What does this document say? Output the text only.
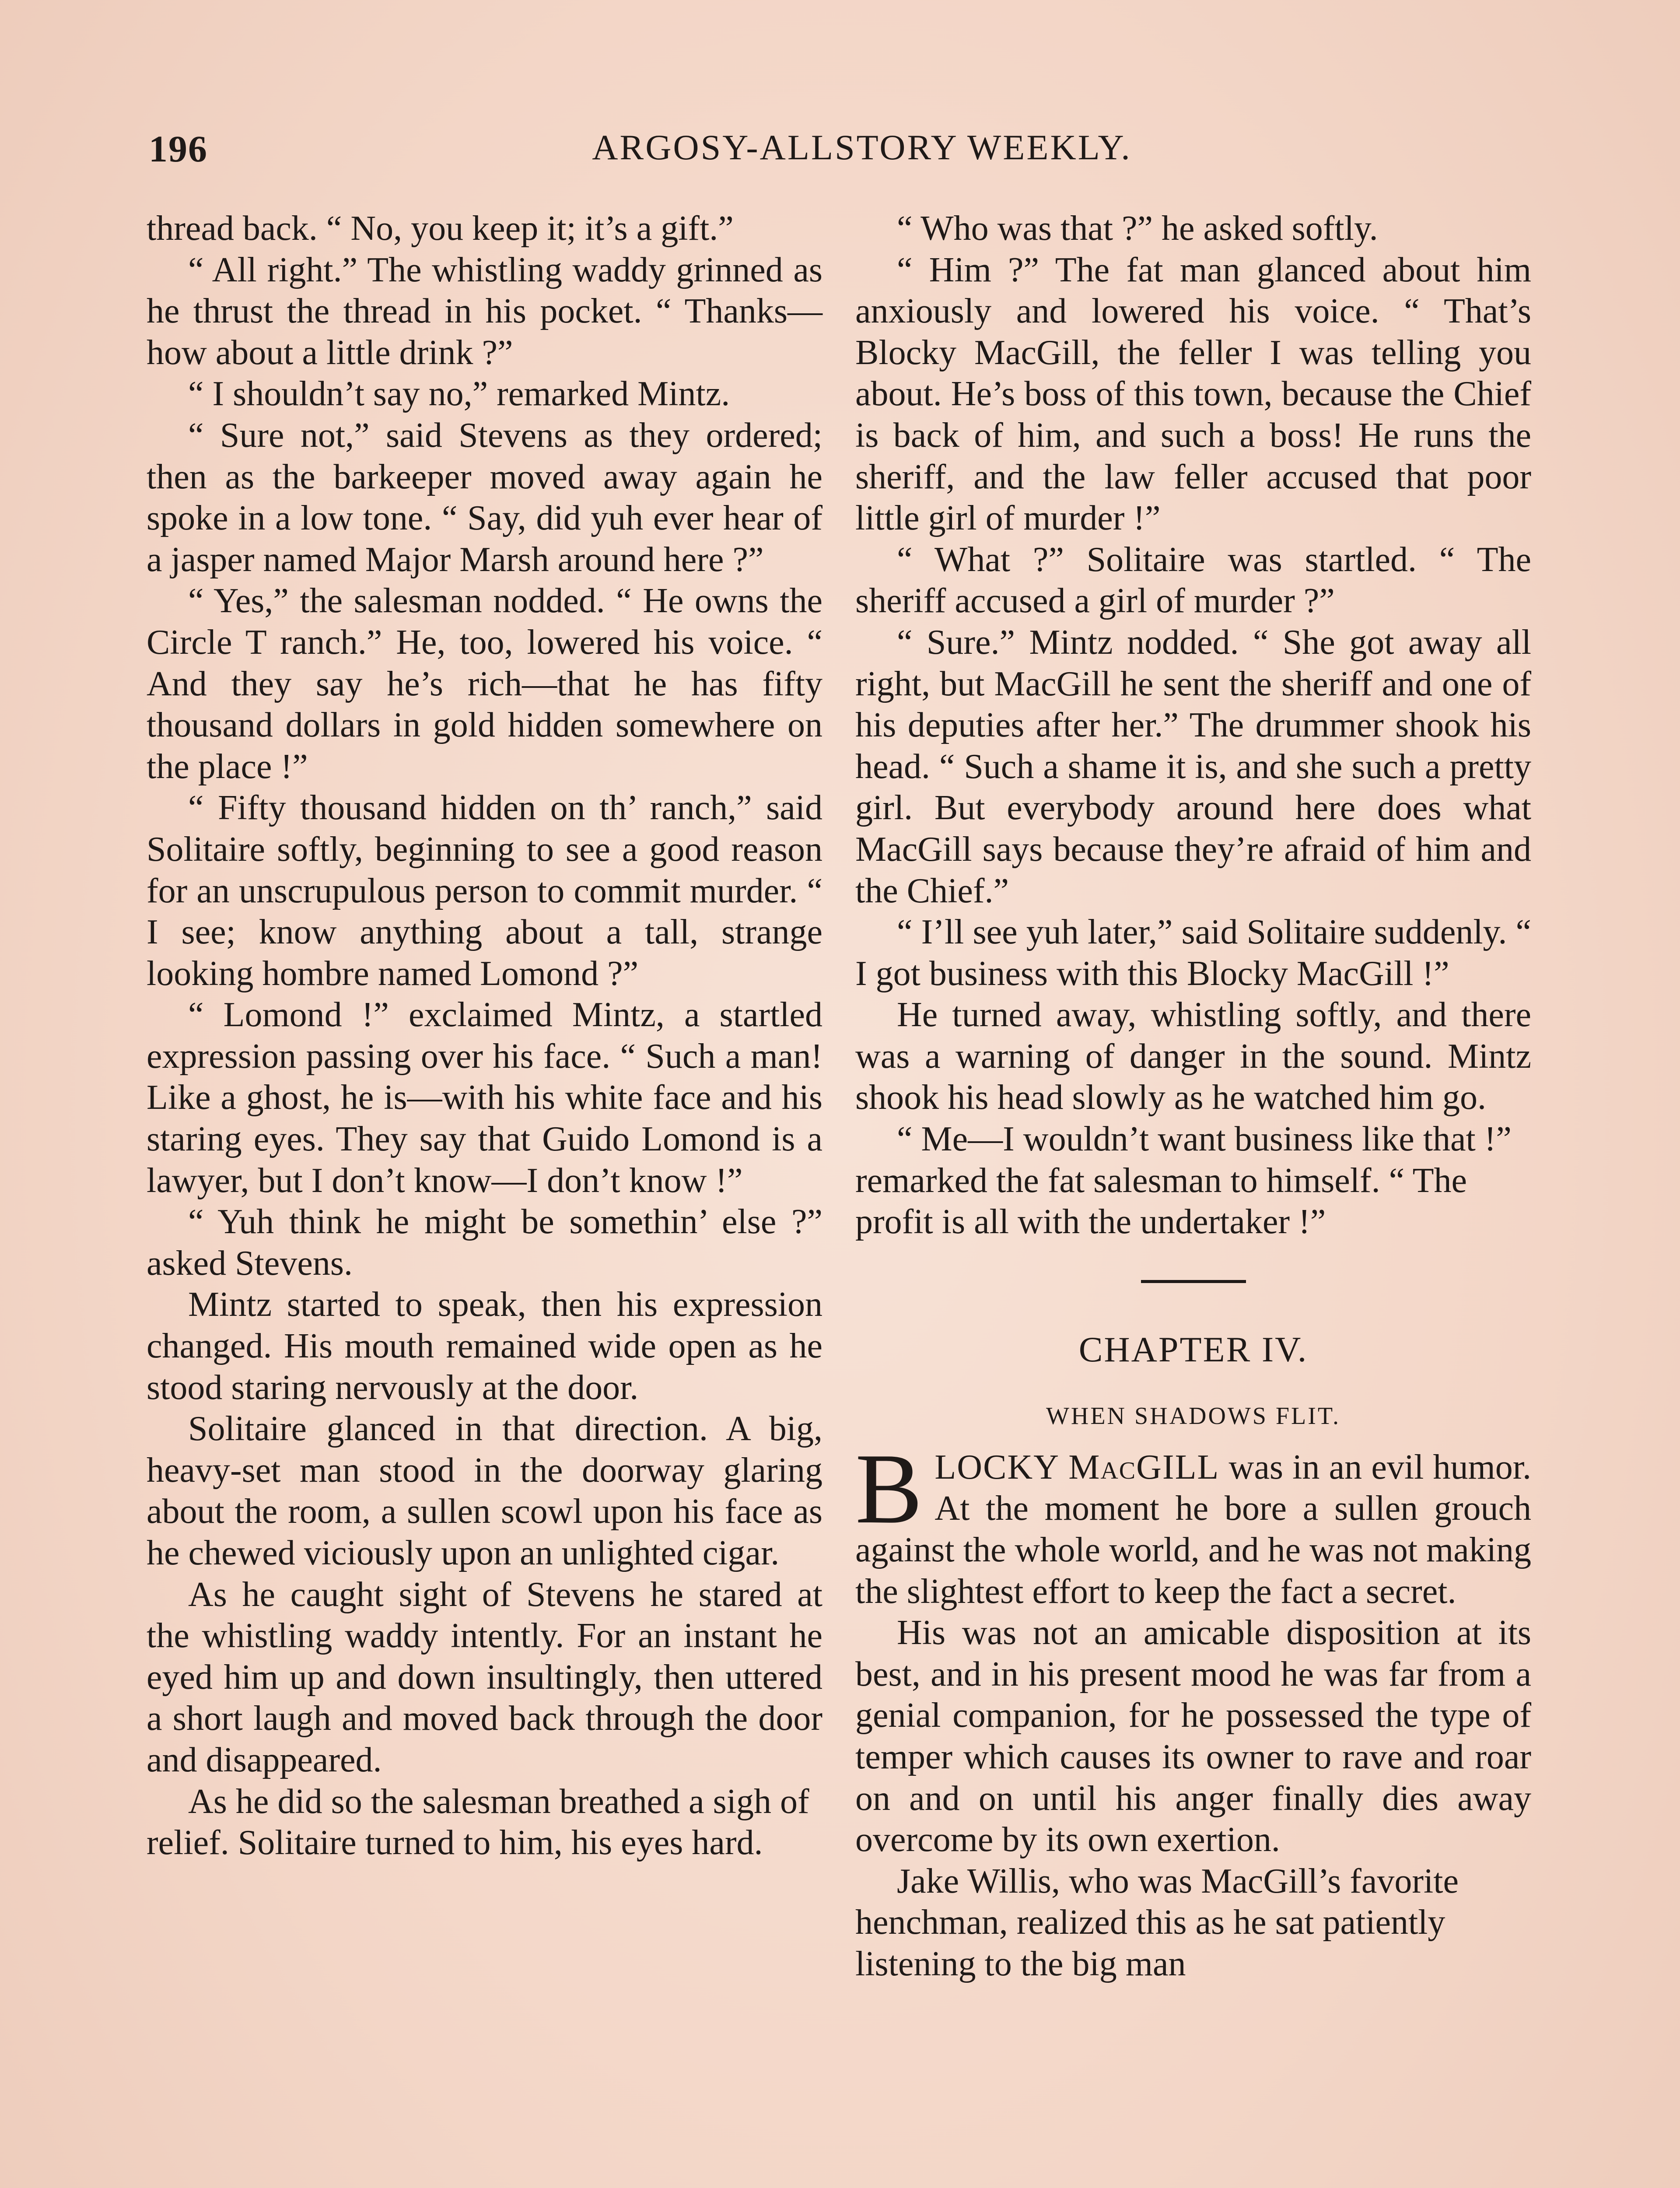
196	ARGOSY-ALLSTORY WEEKLY.

thread back. “ No, you keep it; it’s a gift.”

“ All right.” The whistling waddy grinned as he thrust the thread in his pocket. “ Thanks—how about a little drink ?”

“ I shouldn’t say no,” remarked Mintz.

“ Sure not,” said Stevens as they ordered; then as the barkeeper moved away again he spoke in a low tone. “ Say, did yuh ever hear of a jasper named Major Marsh around here ?”

“ Yes,” the salesman nodded. “ He owns the Circle T ranch.” He, too, lowered his voice. “ And they say he’s rich—that he has fifty thousand dollars in gold hidden somewhere on the place !”

“ Fifty thousand hidden on th’ ranch,” said Solitaire softly, beginning to see a good reason for an unscrupulous person to commit murder. “ I see; know anything about a tall, strange looking hombre named Lomond ?”

“ Lomond !” exclaimed Mintz, a startled expression passing over his face. “ Such a man! Like a ghost, he is—with his white face and his staring eyes. They say that Guido Lomond is a lawyer, but I don’t know—I don’t know !”

“ Yuh think he might be somethin’ else ?” asked Stevens.

Mintz started to speak, then his expression changed. His mouth remained wide open as he stood staring nervously at the door.

Solitaire glanced in that direction. A big, heavy-set man stood in the doorway glaring about the room, a sullen scowl upon his face as he chewed viciously upon an unlighted cigar.

As he caught sight of Stevens he stared at the whistling waddy intently. For an instant he eyed him up and down insultingly, then uttered a short laugh and moved back through the door and disappeared.

As he did so the salesman breathed a sigh of relief. Solitaire turned to him, his eyes hard.

“ Who was that ?” he asked softly.

“ Him ?” The fat man glanced about him anxiously and lowered his voice. “ That’s Blocky MacGill, the feller I was telling you about. He’s boss of this town, because the Chief is back of him, and such a boss! He runs the sheriff, and the law feller accused that poor little girl of murder !”

“ What ?” Solitaire was startled. “ The sheriff accused a girl of murder ?”

“ Sure.” Mintz nodded. “ She got away all right, but MacGill he sent the sheriff and one of his deputies after her.” The drummer shook his head. “ Such a shame it is, and she such a pretty girl. But everybody around here does what MacGill says because they’re afraid of him and the Chief.”

“ I’ll see yuh later,” said Solitaire suddenly. “ I got business with this Blocky MacGill !”

He turned away, whistling softly, and there was a warning of danger in the sound. Mintz shook his head slowly as he watched him go.

“ Me—I wouldn’t want business like that !” remarked the fat salesman to himself. “ The profit is all with the undertaker !”

CHAPTER IV.
WHEN SHADOWS FLIT.

BLOCKY MacGILL was in an evil humor. At the moment he bore a sullen grouch against the whole world, and he was not making the slightest effort to keep the fact a secret.

His was not an amicable disposition at its best, and in his present mood he was far from a genial companion, for he possessed the type of temper which causes its owner to rave and roar on and on until his anger finally dies away overcome by its own exertion.

Jake Willis, who was MacGill’s favorite henchman, realized this as he sat patiently listening to the big man
